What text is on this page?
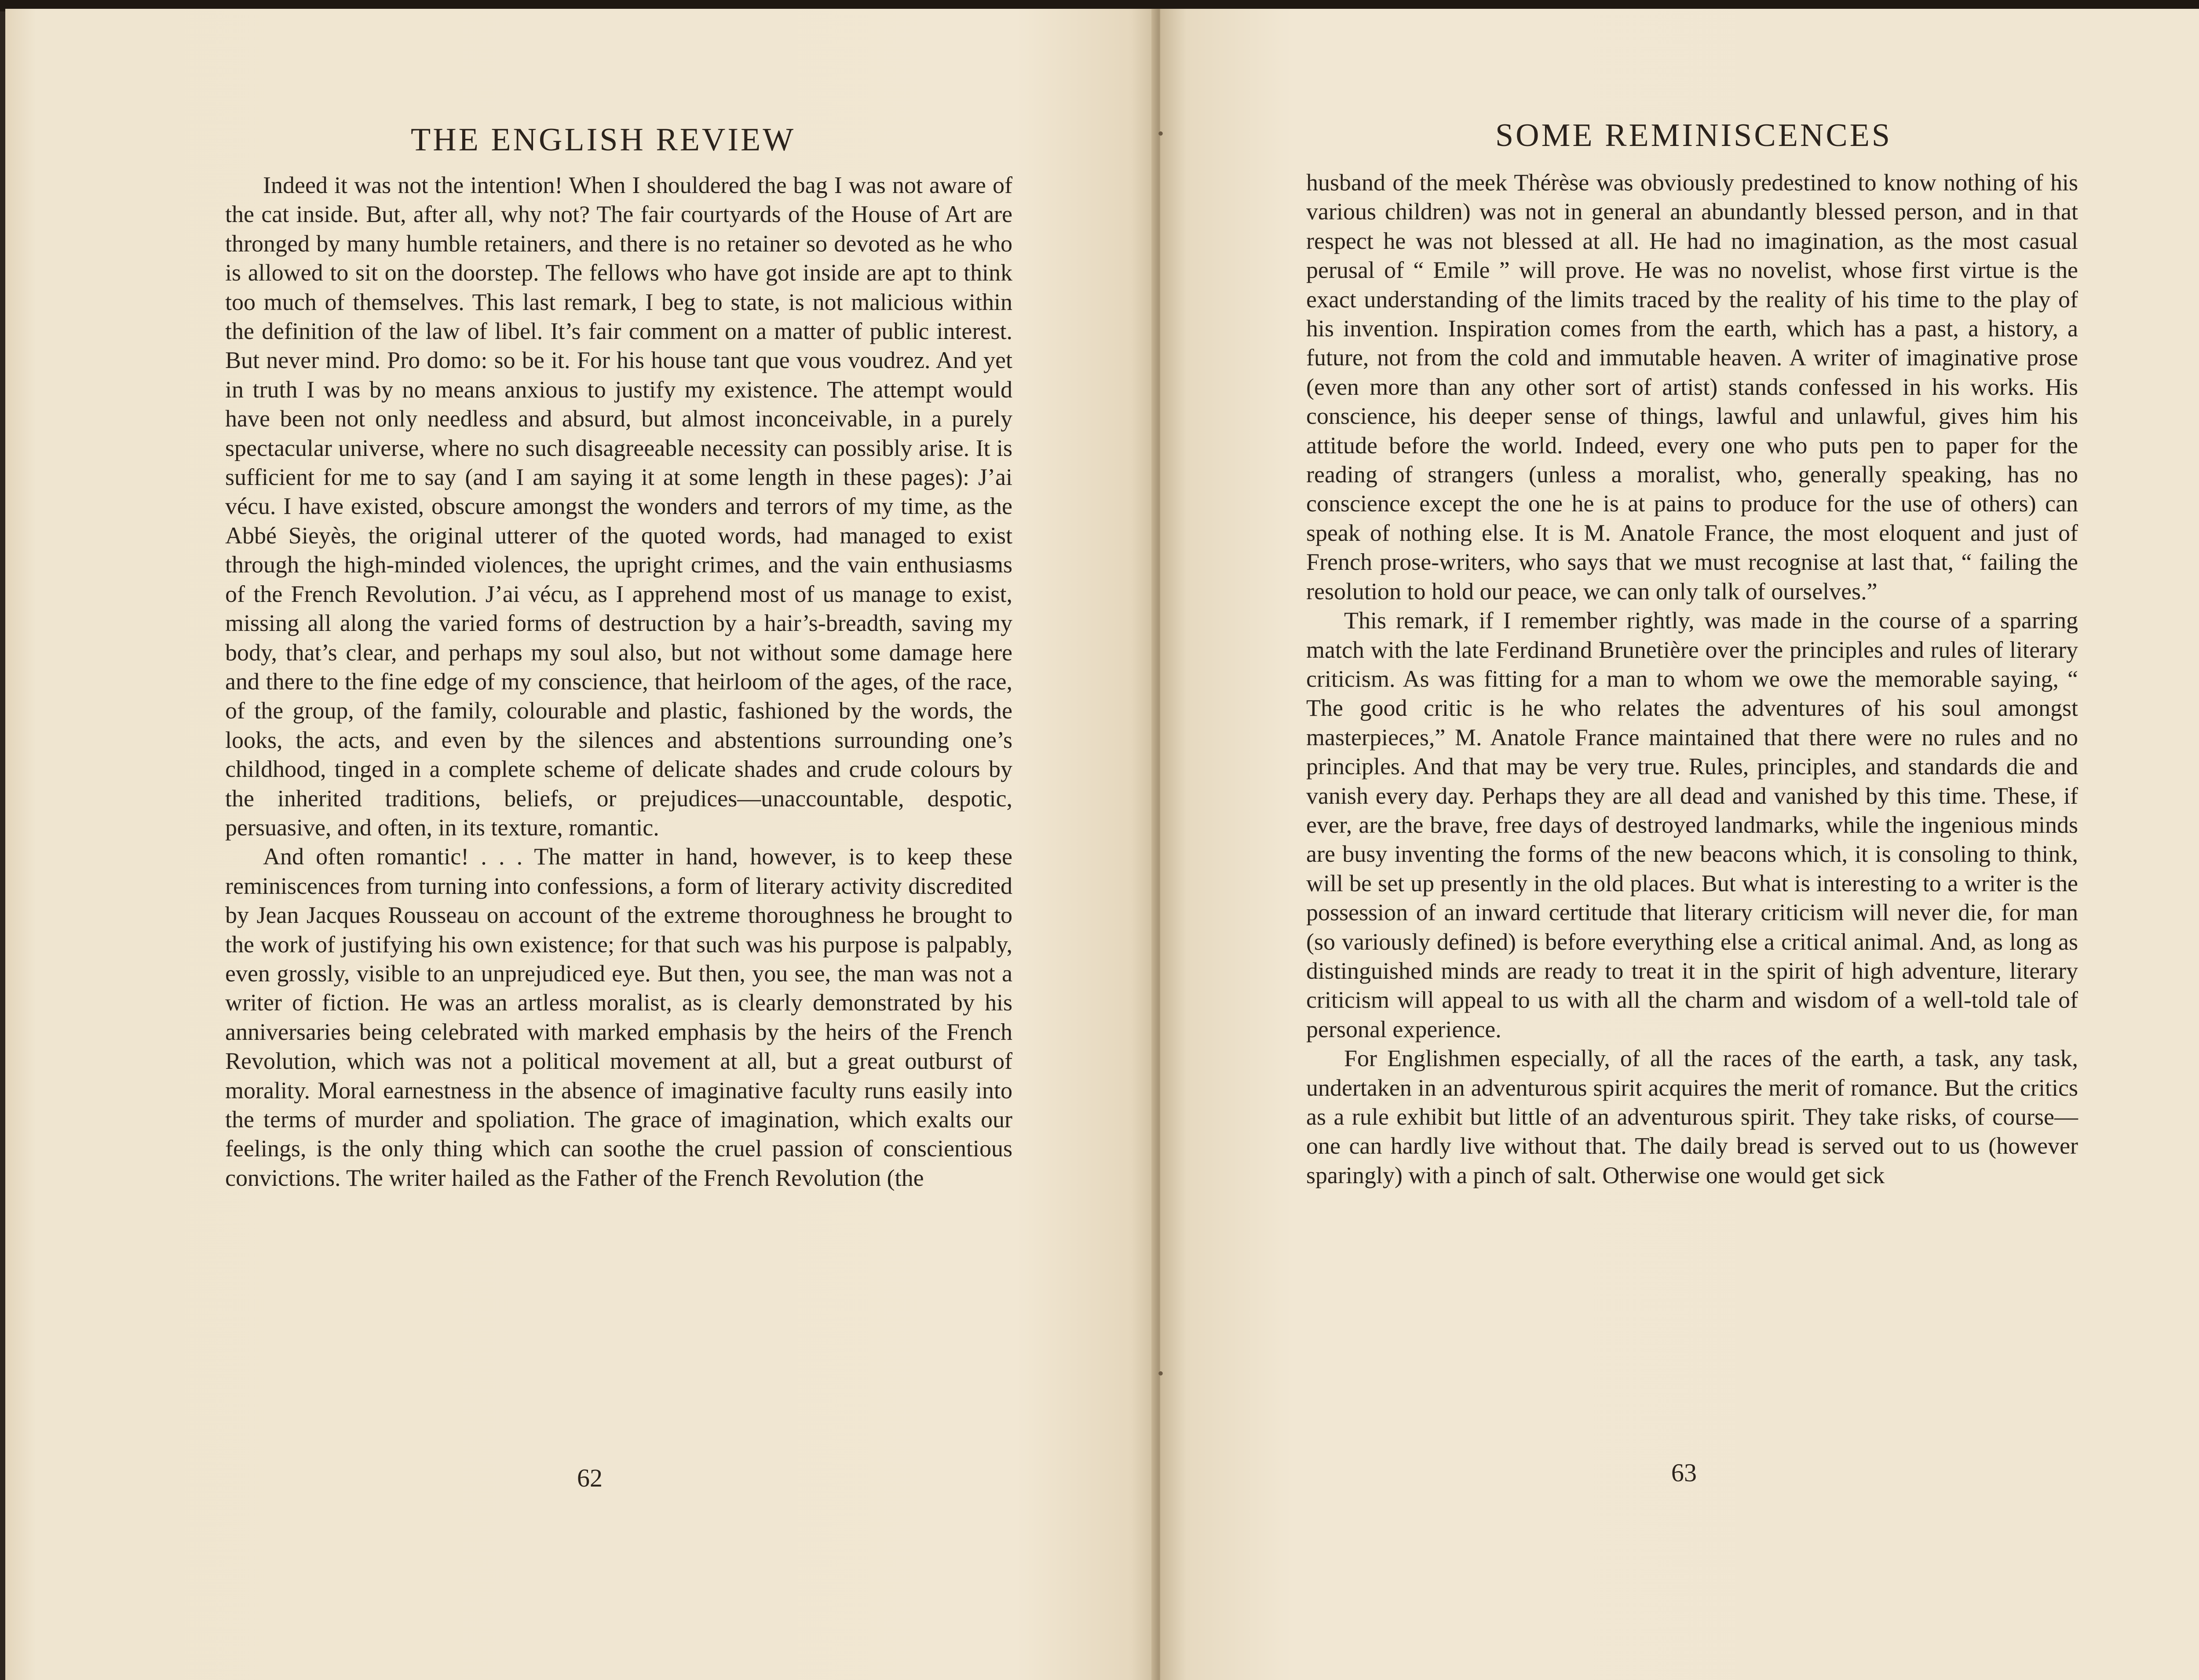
THE ENGLISH REVIEW

Indeed it was not the intention! When I shouldered the bag I was not aware of the cat inside. But, after all, why not? The fair courtyards of the House of Art are thronged by many humble retainers, and there is no retainer so devoted as he who is allowed to sit on the doorstep. The fellows who have got inside are apt to think too much of themselves. This last remark, I beg to state, is not malicious within the definition of the law of libel. It’s fair comment on a matter of public interest. But never mind. Pro domo: so be it. For his house tant que vous voudrez. And yet in truth I was by no means anxious to justify my existence. The attempt would have been not only needless and absurd, but almost inconceivable, in a purely spectacular universe, where no such disagreeable necessity can possibly arise. It is sufficient for me to say (and I am saying it at some length in these pages): J’ai vécu. I have existed, obscure amongst the wonders and terrors of my time, as the Abbé Sieyès, the original utterer of the quoted words, had managed to exist through the high-minded violences, the upright crimes, and the vain enthusiasms of the French Revolution. J’ai vécu, as I apprehend most of us manage to exist, missing all along the varied forms of destruction by a hair’s-breadth, saving my body, that’s clear, and perhaps my soul also, but not without some damage here and there to the fine edge of my conscience, that heirloom of the ages, of the race, of the group, of the family, colourable and plastic, fashioned by the words, the looks, the acts, and even by the silences and abstentions surrounding one’s childhood, tinged in a complete scheme of delicate shades and crude colours by the inherited traditions, beliefs, or prejudices—unaccountable, despotic, persuasive, and often, in its texture, romantic.

And often romantic! . . . The matter in hand, however, is to keep these reminiscences from turning into confessions, a form of literary activity discredited by Jean Jacques Rousseau on account of the extreme thoroughness he brought to the work of justifying his own existence; for that such was his purpose is palpably, even grossly, visible to an unprejudiced eye. But then, you see, the man was not a writer of fiction. He was an artless moralist, as is clearly demonstrated by his anniversaries being celebrated with marked emphasis by the heirs of the French Revolution, which was not a political movement at all, but a great outburst of morality. Moral earnestness in the absence of imaginative faculty runs easily into the terms of murder and spoliation. The grace of imagination, which exalts our feelings, is the only thing which can soothe the cruel passion of conscientious convictions. The writer hailed as the Father of the French Revolution (the

62
SOME REMINISCENCES

husband of the meek Thérèse was obviously predestined to know nothing of his various children) was not in general an abundantly blessed person, and in that respect he was not blessed at all. He had no imagination, as the most casual perusal of “ Emile ” will prove. He was no novelist, whose first virtue is the exact understanding of the limits traced by the reality of his time to the play of his invention. Inspiration comes from the earth, which has a past, a history, a future, not from the cold and immutable heaven. A writer of imaginative prose (even more than any other sort of artist) stands confessed in his works. His conscience, his deeper sense of things, lawful and unlawful, gives him his attitude before the world. Indeed, every one who puts pen to paper for the reading of strangers (unless a moralist, who, generally speaking, has no conscience except the one he is at pains to produce for the use of others) can speak of nothing else. It is M. Anatole France, the most eloquent and just of French prose-writers, who says that we must recognise at last that, “ failing the resolution to hold our peace, we can only talk of ourselves.”

This remark, if I remember rightly, was made in the course of a sparring match with the late Ferdinand Brunetière over the principles and rules of literary criticism. As was fitting for a man to whom we owe the memorable saying, “ The good critic is he who relates the adventures of his soul amongst masterpieces,” M. Anatole France maintained that there were no rules and no principles. And that may be very true. Rules, principles, and standards die and vanish every day. Perhaps they are all dead and vanished by this time. These, if ever, are the brave, free days of destroyed landmarks, while the ingenious minds are busy inventing the forms of the new beacons which, it is consoling to think, will be set up presently in the old places. But what is interesting to a writer is the possession of an inward certitude that literary criticism will never die, for man (so variously defined) is before everything else a critical animal. And, as long as distinguished minds are ready to treat it in the spirit of high adventure, literary criticism will appeal to us with all the charm and wisdom of a well-told tale of personal experience.

For Englishmen especially, of all the races of the earth, a task, any task, undertaken in an adventurous spirit acquires the merit of romance. But the critics as a rule exhibit but little of an adventurous spirit. They take risks, of course—one can hardly live without that. The daily bread is served out to us (however sparingly) with a pinch of salt. Otherwise one would get sick

63
•
•
